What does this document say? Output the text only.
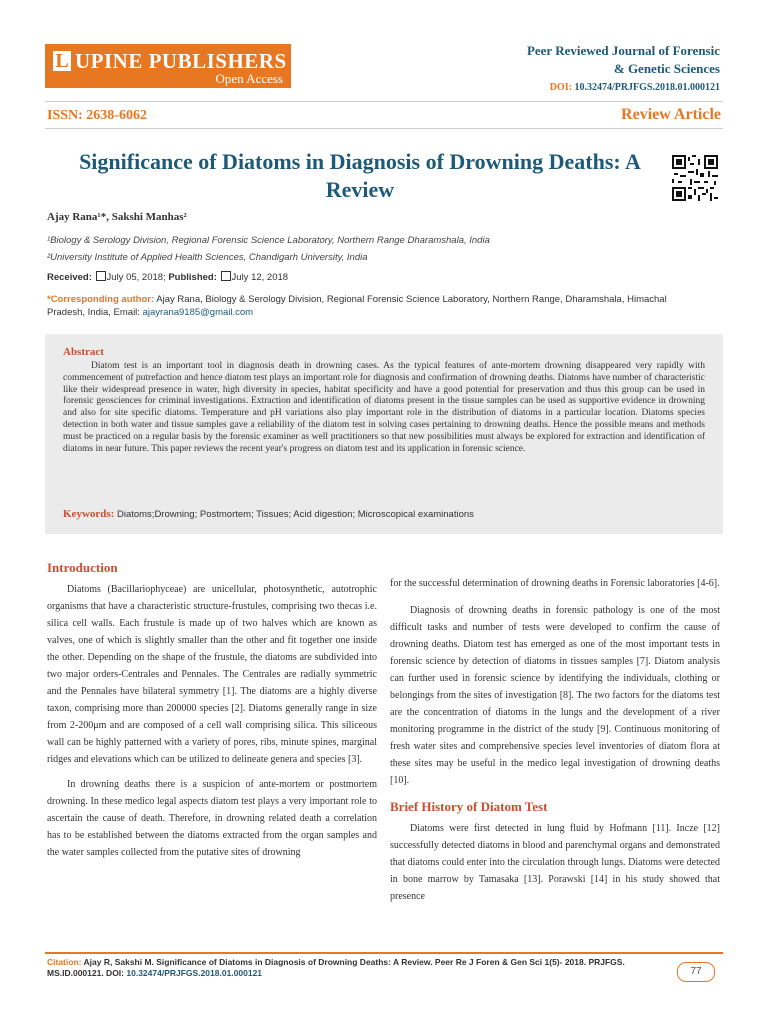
L UPINE PUBLISHERS
Open Access
Peer Reviewed Journal of Forensic
& Genetic Sciences
DOI: 10.32474/PRJFGS.2018.01.000121
ISSN: 2638-6062	Review Article
Significance of Diatoms in Diagnosis of Drowning Deaths: A Review
Ajay Rana¹*, Sakshi Manhas²
¹Biology & Serology Division, Regional Forensic Science Laboratory, Northern Range Dharamshala, India
²University Institute of Applied Health Sciences, Chandigarh University, India
Received: July 05, 2018; Published: July 12, 2018
*Corresponding author: Ajay Rana, Biology & Serology Division, Regional Forensic Science Laboratory, Northern Range, Dharamshala, Himachal Pradesh, India, Email: ajayrana9185@gmail.com
Abstract
Diatom test is an important tool in diagnosis death in drowning cases. As the typical features of ante-mortem drowning disappeared very rapidly with commencement of putrefaction and hence diatom test plays an important role for diagnosis and confirmation of drowning deaths. Diatoms have number of characteristic like their widespread presence in water, high diversity in species, habitat specificity and have a good potential for preservation and thus this group can be used in forensic geosciences for criminal investigations. Extraction and identification of diatoms present in the tissue samples can be used as supportive evidence in drowning and also for site specific diatoms. Temperature and pH variations also play important role in the distribution of diatoms in a particular location. Diatoms species detection in both water and tissue samples gave a reliability of the diatom test in solving cases pertaining to drowning deaths. Hence the possible means and methods must be practiced on a regular basis by the forensic examiner as well practitioners so that new possibilities must always be explored for extraction and identification of diatoms in near future. This paper reviews the recent year's progress on diatom test and its application in forensic science.
Keywords: Diatoms;Drowning; Postmortem; Tissues; Acid digestion; Microscopical examinations
Introduction

Diatoms (Bacillariophyceae) are unicellular, photosynthetic, autotrophic organisms that have a characteristic structure-frustules, comprising two thecas i.e. silica cell walls. Each frustule is made up of two halves which are known as valves, one of which is slightly smaller than the other and fit together one inside the other. Depending on the shape of the frustule, the diatoms are subdivided into two major orders-Centrales and Pennales. The Centrales are radially symmetric and the Pennales have bilateral symmetry [1]. The diatoms are a highly diverse taxon, comprising more than 200000 species [2]. Diatoms generally range in size from 2-200μm and are composed of a cell wall comprising silica. This siliceous wall can be highly patterned with a variety of pores, ribs, minute spines, marginal ridges and elevations which can be utilized to delineate genera and species [3].

In drowning deaths there is a suspicion of ante-mortem or postmortem drowning. In these medico legal aspects diatom test plays a very important role to ascertain the cause of death. Therefore, in drowning related death a correlation has to be established between the diatoms extracted from the organ samples and the water samples collected from the putative sites of drowning

for the successful determination of drowning deaths in Forensic laboratories [4-6].

Diagnosis of drowning deaths in forensic pathology is one of the most difficult tasks and number of tests were developed to confirm the cause of drowning deaths. Diatom test has emerged as one of the most important tests in forensic science by detection of diatoms in tissues samples [7]. Diatom analysis can further used in forensic science by identifying the individuals, clothing or belongings from the sites of investigation [8]. The two factors for the diatoms test are the concentration of diatoms in the lungs and the development of a river monitoring programme in the district of the study [9]. Continuous monitoring of fresh water sites and comprehensive species level inventories of diatom flora at these sites may be useful in the medico legal investigation of drowning deaths [10].

Brief History of Diatom Test

Diatoms were first detected in lung fluid by Hofmann [11]. Incze [12] successfully detected diatoms in blood and parenchymal organs and demonstrated that diatoms could enter into the circulation through lungs. Diatoms were detected in bone marrow by Tamasaka [13]. Porawski [14] in his study showed that presence

Citation: Ajay R, Sakshi M. Significance of Diatoms in Diagnosis of Drowning Deaths: A Review. Peer Re J Foren & Gen Sci 1(5)- 2018. PRJFGS. MS.ID.000121. DOI: 10.32474/PRJFGS.2018.01.000121	77
